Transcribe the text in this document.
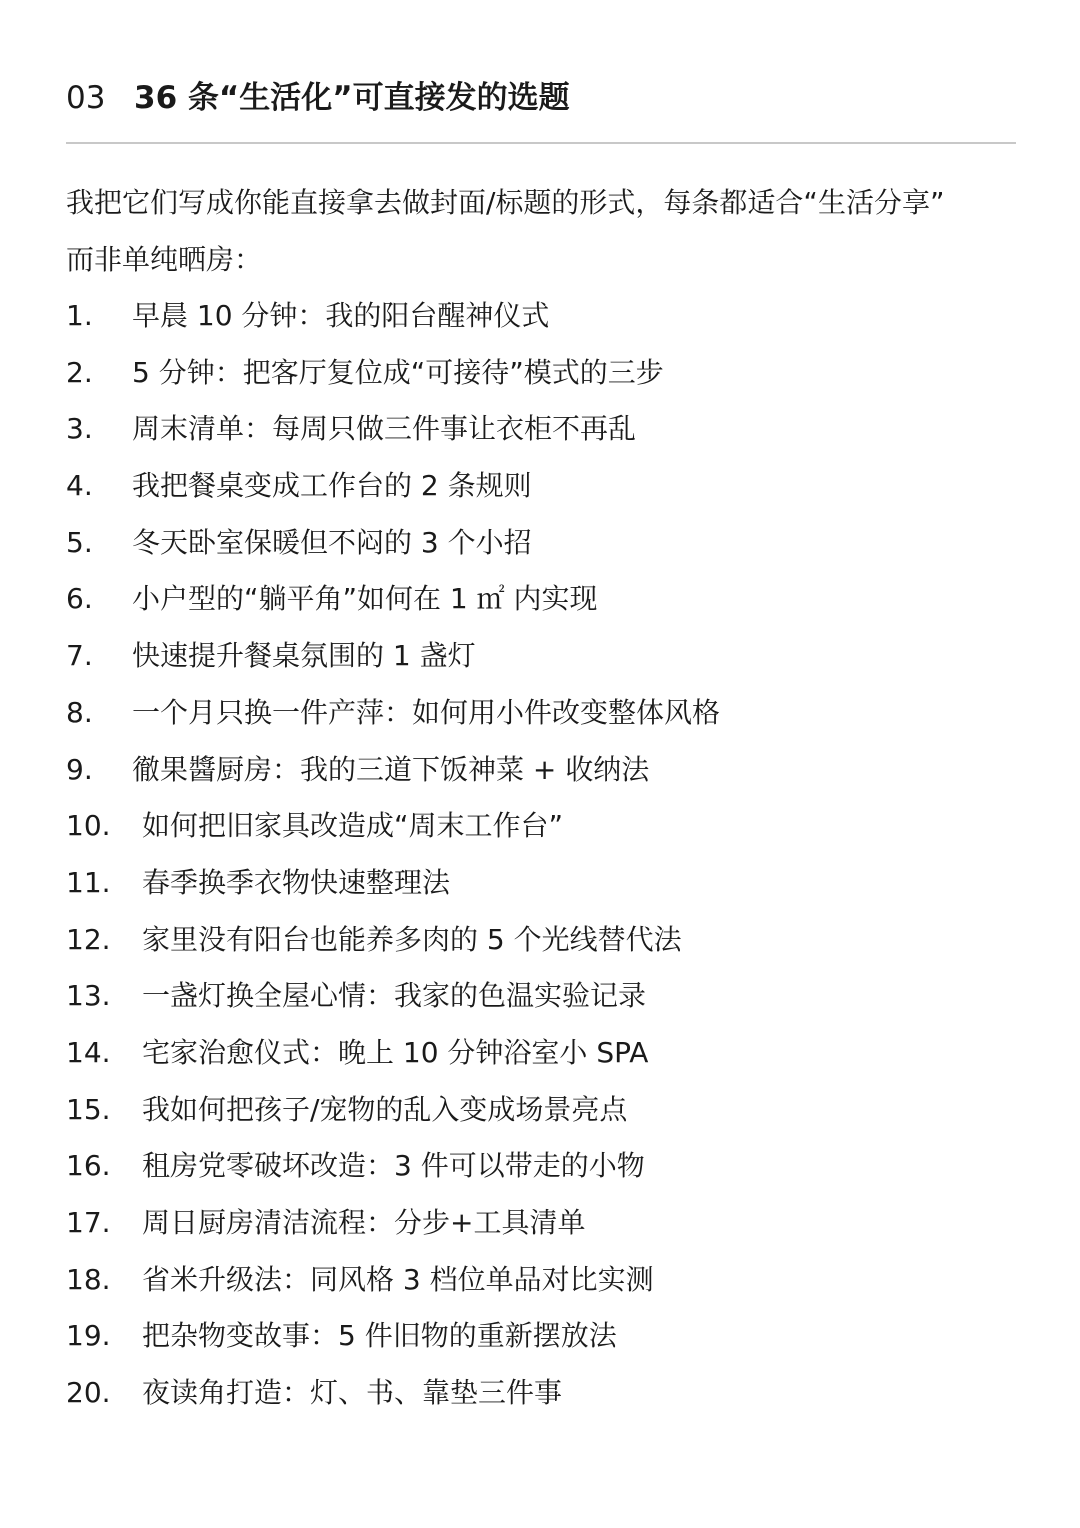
03 36 条“生活化”可直接发的选题

我把它们写成你能直接拿去做封面/标题的形式，每条都适合“生活分享”

而非单纯晒房：

1.	早晨 10 分钟：我的阳台醒神仪式
2.	5 分钟：把客厅复位成“可接待”模式的三步
3.	周末清单：每周只做三件事让衣柜不再乱
4.	我把餐桌变成工作台的 2 条规则
5.	冬天卧室保暖但不闷的 3 个小招
6.	小户型的“躺平角”如何在 1 ㎡ 内实现
7.	快速提升餐桌氛围的 1 盏灯
8.	一个月只换一件产萍：如何用小件改变整体风格
9.	徹果醬厨房：我的三道下饭神菜 + 收纳法
10.	如何把旧家具改造成“周末工作台”
11.	春季换季衣物快速整理法
12.	家里没有阳台也能养多肉的 5 个光线替代法
13.	一盏灯换全屋心情：我家的色温实验记录
14.	宅家治愈仪式：晚上 10 分钟浴室小 SPA
15.	我如何把孩子/宠物的乱入变成场景亮点
16.	租房党零破坏改造：3 件可以带走的小物
17.	周日厨房清洁流程：分步+工具清单
18.	省米升级法：同风格 3 档位单品对比实测
19.	把杂物变故事：5 件旧物的重新摆放法
20.	夜读角打造：灯、书、靠垫三件事
